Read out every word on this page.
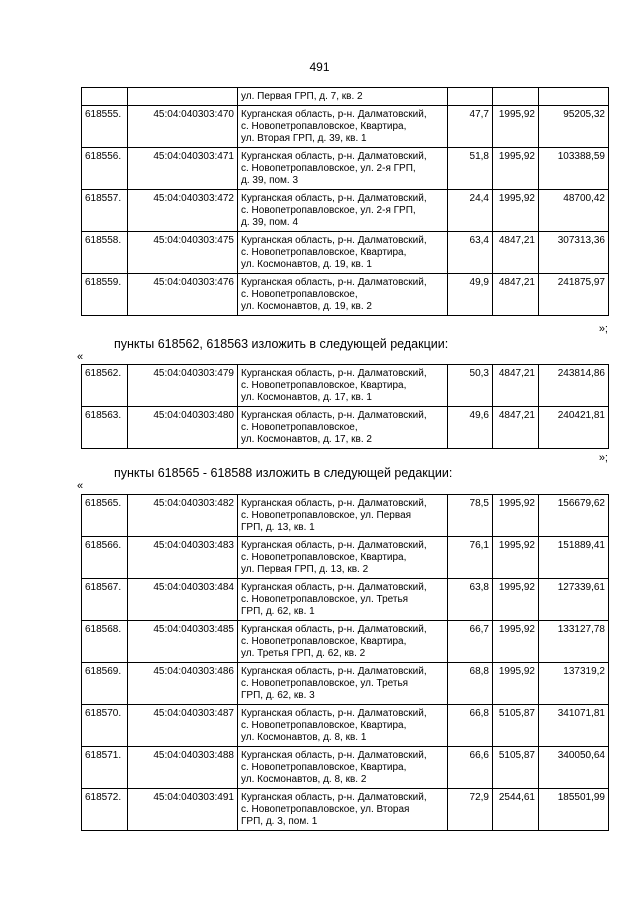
491

		ул. Первая ГРП, д. 7, кв. 2			

618555.	45:04:040303:470	Курганская область, р-н. Далматовский,
с. Новопетропавловское, Квартира,
ул. Вторая ГРП, д. 39, кв. 1	47,7	1995,92	95205,32
618556.	45:04:040303:471	Курганская область, р-н. Далматовский,
с. Новопетропавловское, ул. 2-я ГРП,
д. 39, пом. 3	51,8	1995,92	103388,59
618557.	45:04:040303:472	Курганская область, р-н. Далматовский,
с. Новопетропавловское, ул. 2-я ГРП,
д. 39, пом. 4	24,4	1995,92	48700,42
618558.	45:04:040303:475	Курганская область, р-н. Далматовский,
с. Новопетропавловское, Квартира,
ул. Космонавтов, д. 19, кв. 1	63,4	4847,21	307313,36
618559.	45:04:040303:476	Курганская область, р-н. Далматовский,
с. Новопетропавловское,
ул. Космонавтов, д. 19, кв. 2	49,9	4847,21	241875,97
»;
пункты 618562, 618563 изложить в следующей редакции:
«
618562.	45:04:040303:479	Курганская область, р-н. Далматовский,
с. Новопетропавловское, Квартира,
ул. Космонавтов, д. 17, кв. 1	50,3	4847,21	243814,86
618563.	45:04:040303:480	Курганская область, р-н. Далматовский,
с. Новопетропавловское,
ул. Космонавтов, д. 17, кв. 2	49,6	4847,21	240421,81
»;
пункты 618565 - 618588 изложить в следующей редакции:
«
618565.	45:04:040303:482	Курганская область, р-н. Далматовский,
с. Новопетропавловское, ул. Первая
ГРП, д. 13, кв. 1	78,5	1995,92	156679,62
618566.	45:04:040303:483	Курганская область, р-н. Далматовский,
с. Новопетропавловское, Квартира,
ул. Первая ГРП, д. 13, кв. 2	76,1	1995,92	151889,41
618567.	45:04:040303:484	Курганская область, р-н. Далматовский,
с. Новопетропавловское, ул. Третья
ГРП, д. 62, кв. 1	63,8	1995,92	127339,61
618568.	45:04:040303:485	Курганская область, р-н. Далматовский,
с. Новопетропавловское, Квартира,
ул. Третья ГРП, д. 62, кв. 2	66,7	1995,92	133127,78
618569.	45:04:040303:486	Курганская область, р-н. Далматовский,
с. Новопетропавловское, ул. Третья
ГРП, д. 62, кв. 3	68,8	1995,92	137319,2
618570.	45:04:040303:487	Курганская область, р-н. Далматовский,
с. Новопетропавловское, Квартира,
ул. Космонавтов, д. 8, кв. 1	66,8	5105,87	341071,81
618571.	45:04:040303:488	Курганская область, р-н. Далматовский,
с. Новопетропавловское, Квартира,
ул. Космонавтов, д. 8, кв. 2	66,6	5105,87	340050,64
618572.	45:04:040303:491	Курганская область, р-н. Далматовский,
с. Новопетропавловское, ул. Вторая
ГРП, д. 3, пом. 1	72,9	2544,61	185501,99
